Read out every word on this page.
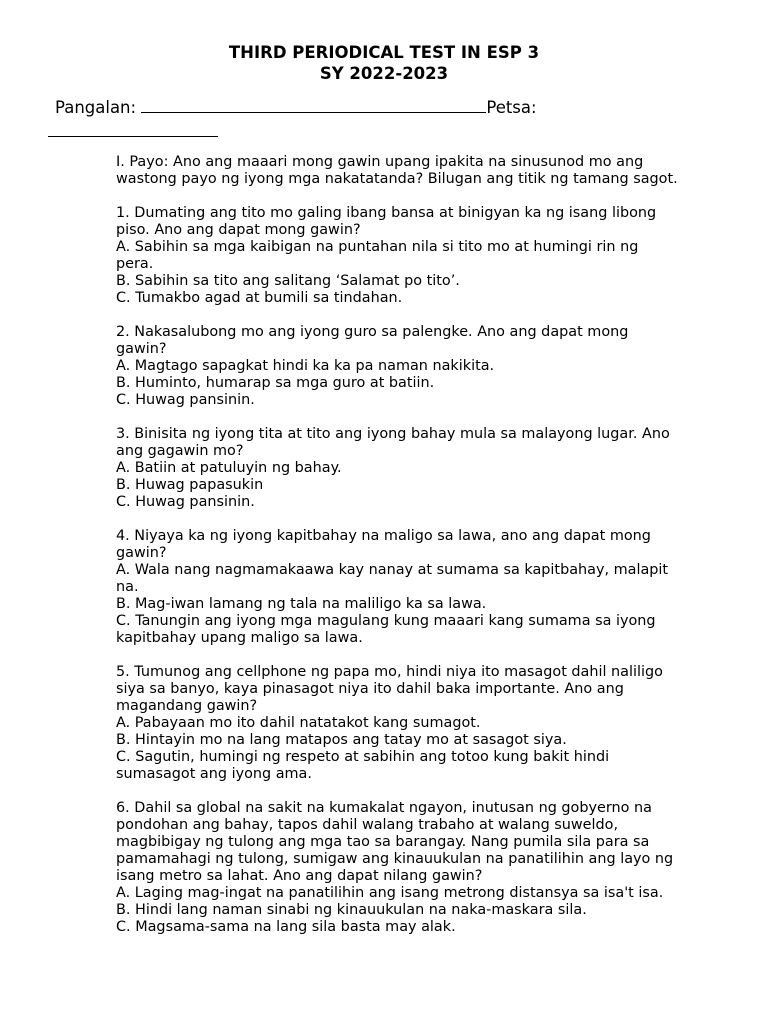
THIRD PERIODICAL TEST IN ESP 3
SY 2022-2023
Pangalan:	Petsa:
I. Payo: Ano ang maaari mong gawin upang ipakita na sinusunod mo ang
wastong payo ng iyong mga nakatatanda? Bilugan ang titik ng tamang sagot.
1. Dumating ang tito mo galing ibang bansa at binigyan ka ng isang libong
piso. Ano ang dapat mong gawin?
A. Sabihin sa mga kaibigan na puntahan nila si tito mo at humingi rin ng
pera.
B. Sabihin sa tito ang salitang ‘Salamat po tito’.
C. Tumakbo agad at bumili sa tindahan.
2. Nakasalubong mo ang iyong guro sa palengke. Ano ang dapat mong
gawin?
A. Magtago sapagkat hindi ka ka pa naman nakikita.
B. Huminto, humarap sa mga guro at batiin.
C. Huwag pansinin.
3. Binisita ng iyong tita at tito ang iyong bahay mula sa malayong lugar. Ano
ang gagawin mo?
A. Batiin at patuluyin ng bahay.
B. Huwag papasukin
C. Huwag pansinin.
4. Niyaya ka ng iyong kapitbahay na maligo sa lawa, ano ang dapat mong
gawin?
A. Wala nang nagmamakaawa kay nanay at sumama sa kapitbahay, malapit
na.
B. Mag-iwan lamang ng tala na maliligo ka sa lawa.
C. Tanungin ang iyong mga magulang kung maaari kang sumama sa iyong
kapitbahay upang maligo sa lawa.
5. Tumunog ang cellphone ng papa mo, hindi niya ito masagot dahil naliligo
siya sa banyo, kaya pinasagot niya ito dahil baka importante. Ano ang
magandang gawin?
A. Pabayaan mo ito dahil natatakot kang sumagot.
B. Hintayin mo na lang matapos ang tatay mo at sasagot siya.
C. Sagutin, humingi ng respeto at sabihin ang totoo kung bakit hindi
sumasagot ang iyong ama.
6. Dahil sa global na sakit na kumakalat ngayon, inutusan ng gobyerno na
pondohan ang bahay, tapos dahil walang trabaho at walang suweldo,
magbibigay ng tulong ang mga tao sa barangay. Nang pumila sila para sa
pamamahagi ng tulong, sumigaw ang kinauukulan na panatilihin ang layo ng
isang metro sa lahat. Ano ang dapat nilang gawin?
A. Laging mag-ingat na panatilihin ang isang metrong distansya sa isa't isa.
B. Hindi lang naman sinabi ng kinauukulan na naka-maskara sila.
C. Magsama-sama na lang sila basta may alak.
